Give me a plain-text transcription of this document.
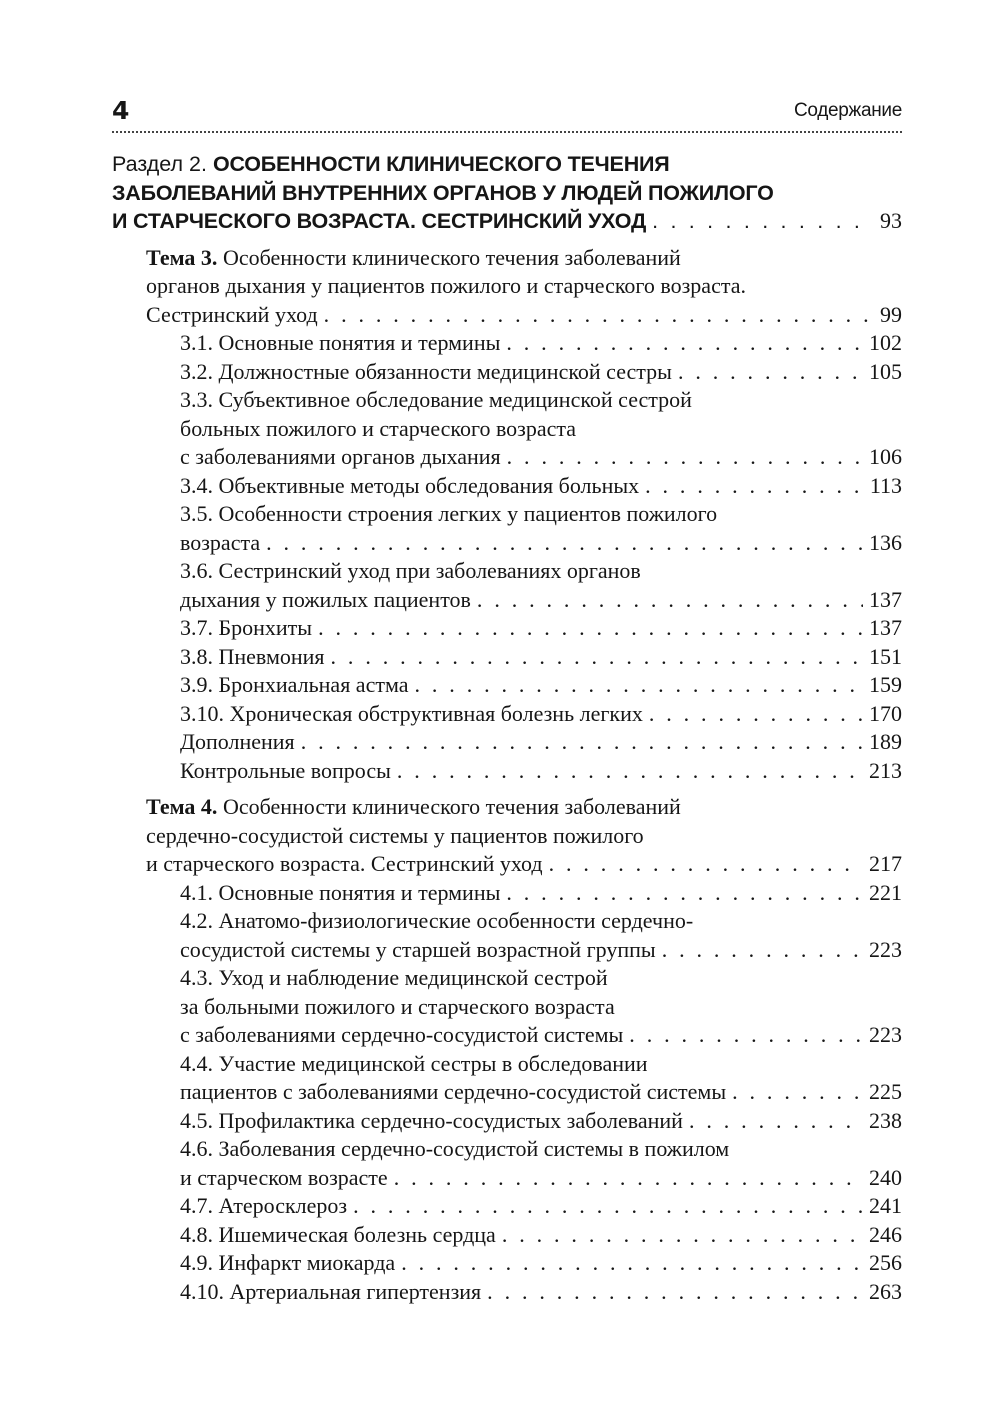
4	Содержание
Раздел 2. ОСОБЕННОСТИ КЛИНИЧЕСКОГО ТЕЧЕНИЯ
ЗАБОЛЕВАНИЙ ВНУТРЕННИХ ОРГАНОВ У ЛЮДЕЙ ПОЖИЛОГО
И СТАРЧЕСКОГО ВОЗРАСТА. СЕСТРИНСКИЙ УХОД . . .	93
Тема 3. Особенности клинического течения заболеваний
органов дыхания у пациентов пожилого и старческого возраста.
Сестринский уход . . .	99
3.1. Основные понятия и термины . . .	102
3.2. Должностные обязанности медицинской сестры . . .	105
3.3. Субъективное обследование медицинской сестрой
больных пожилого и старческого возраста
с заболеваниями органов дыхания . . .	106
3.4. Объективные методы обследования больных . . .	113
3.5. Особенности строения легких у пациентов пожилого
возраста . . .	136
3.6. Сестринский уход при заболеваниях органов
дыхания у пожилых пациентов . . .	137
3.7. Бронхиты . . .	137
3.8. Пневмония . . .	151
3.9. Бронхиальная астма . . .	159
3.10. Хроническая обструктивная болезнь легких . . .	170
Дополнения . . .	189
Контрольные вопросы . . .	213
Тема 4. Особенности клинического течения заболеваний
сердечно-сосудистой системы у пациентов пожилого
и старческого возраста. Сестринский уход . . .	217
4.1. Основные понятия и термины . . .	221
4.2. Анатомо-физиологические особенности сердечно-
сосудистой системы у старшей возрастной группы . . .	223
4.3. Уход и наблюдение медицинской сестрой
за больными пожилого и старческого возраста
с заболеваниями сердечно-сосудистой системы . . .	223
4.4. Участие медицинской сестры в обследовании
пациентов с заболеваниями сердечно-сосудистой системы . . .	225
4.5. Профилактика сердечно-сосудистых заболеваний . . .	238
4.6. Заболевания сердечно-сосудистой системы в пожилом
и старческом возрасте . . .	240
4.7. Атеросклероз . . .	241
4.8. Ишемическая болезнь сердца . . .	246
4.9. Инфаркт миокарда . . .	256
4.10. Артериальная гипертензия . . .	263
